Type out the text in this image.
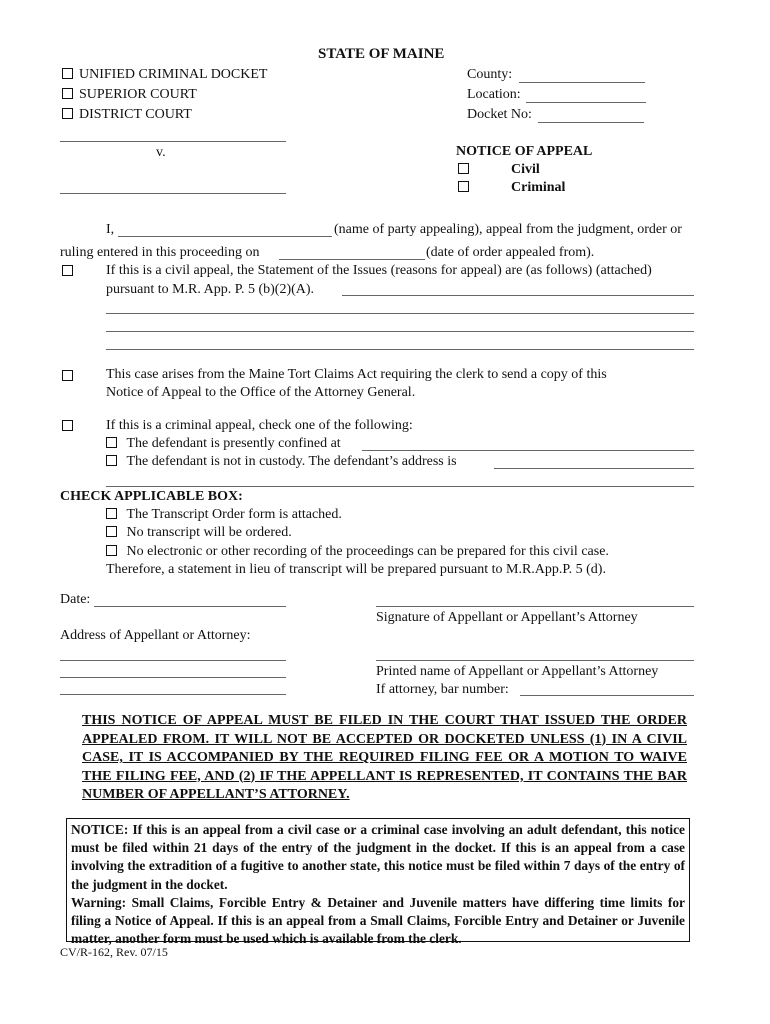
STATE OF MAINE
UNIFIED CRIMINAL DOCKET
SUPERIOR COURT
DISTRICT COURT
County:
Location:
Docket No:
v.	NOTICE OF APPEAL
Civil
Criminal
I,	(name of party appealing), appeal from the judgment, order or
ruling entered in this proceeding on	(date of order appealed from).
If this is a civil appeal, the Statement of the Issues (reasons for appeal) are (as follows) (attached)
pursuant to M.R. App. P. 5 (b)(2)(A).
This case arises from the Maine Tort Claims Act requiring the clerk to send a copy of this
Notice of Appeal to the Office of the Attorney General.
If this is a criminal appeal, check one of the following:
The defendant is presently confined at
The defendant is not in custody. The defendant’s address is
CHECK APPLICABLE BOX:
The Transcript Order form is attached.
No transcript will be ordered.
No electronic or other recording of the proceedings can be prepared for this civil case.
Therefore, a statement in lieu of transcript will be prepared pursuant to M.R.App.P. 5 (d).
Date:
Signature of Appellant or Appellant’s Attorney
Address of Appellant or Attorney:
Printed name of Appellant or Appellant’s Attorney
If attorney, bar number:
THIS NOTICE OF APPEAL MUST BE FILED IN THE COURT THAT ISSUED THE ORDER APPEALED FROM. IT WILL NOT BE ACCEPTED OR DOCKETED UNLESS (1) IN A CIVIL CASE, IT IS ACCOMPANIED BY THE REQUIRED FILING FEE OR A MOTION TO WAIVE THE FILING FEE, AND (2) IF THE APPELLANT IS REPRESENTED, IT CONTAINS THE BAR NUMBER OF APPELLANT’S ATTORNEY.

NOTICE: If this is an appeal from a civil case or a criminal case involving an adult defendant, this notice must be filed within 21 days of the entry of the judgment in the docket. If this is an appeal from a case involving the extradition of a fugitive to another state, this notice must be filed within 7 days of the entry of the judgment in the docket.

Warning: Small Claims, Forcible Entry & Detainer and Juvenile matters have differing time limits for filing a Notice of Appeal. If this is an appeal from a Small Claims, Forcible Entry and Detainer or Juvenile matter, another form must be used which is available from the clerk.

CV/R-162, Rev. 07/15
